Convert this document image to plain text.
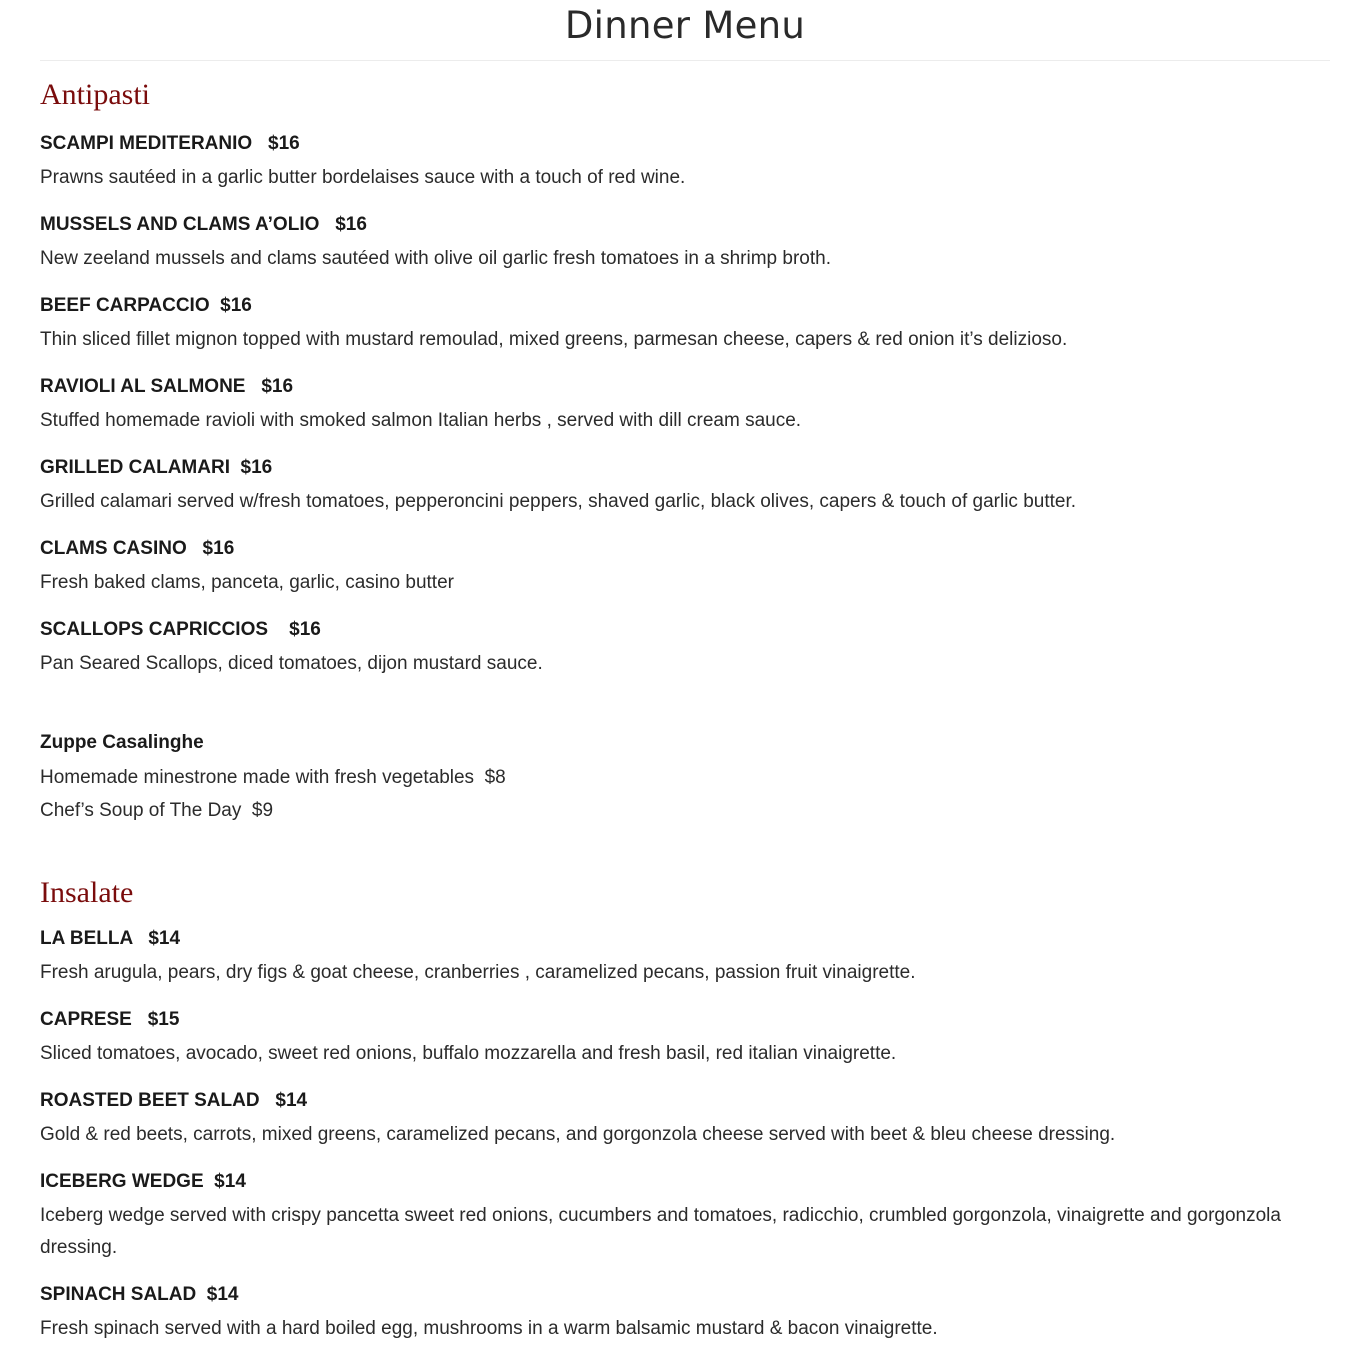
Dinner Menu
Antipasti
SCAMPI MEDITERANIO   $16
Prawns sautéed in a garlic butter bordelaises sauce with a touch of red wine.
MUSSELS AND CLAMS A’OLIO   $16
New zeeland mussels and clams sautéed with olive oil garlic fresh tomatoes in a shrimp broth.
BEEF CARPACCIO  $16
Thin sliced fillet mignon topped with mustard remoulad, mixed greens, parmesan cheese, capers & red onion it’s delizioso.
RAVIOLI AL SALMONE   $16
Stuffed homemade ravioli with smoked salmon Italian herbs , served with dill cream sauce.
GRILLED CALAMARI  $16
Grilled calamari served w/fresh tomatoes, pepperoncini peppers, shaved garlic, black olives, capers & touch of garlic butter.
CLAMS CASINO   $16
Fresh baked clams, panceta, garlic, casino butter
SCALLOPS CAPRICCIOS    $16
Pan Seared Scallops, diced tomatoes, dijon mustard sauce.
Zuppe Casalinghe
Homemade minestrone made with fresh vegetables  $8
Chef’s Soup of The Day  $9
Insalate
LA BELLA   $14
Fresh arugula, pears, dry figs & goat cheese, cranberries , caramelized pecans, passion fruit vinaigrette.
CAPRESE   $15
Sliced tomatoes, avocado, sweet red onions, buffalo mozzarella and fresh basil, red italian vinaigrette.
ROASTED BEET SALAD   $14
Gold & red beets, carrots, mixed greens, caramelized pecans, and gorgonzola cheese served with beet & bleu cheese dressing.
ICEBERG WEDGE  $14
Iceberg wedge served with crispy pancetta sweet red onions, cucumbers and tomatoes, radicchio, crumbled gorgonzola, vinaigrette and gorgonzola dressing.
SPINACH SALAD  $14
Fresh spinach served with a hard boiled egg, mushrooms in a warm balsamic mustard & bacon vinaigrette.
